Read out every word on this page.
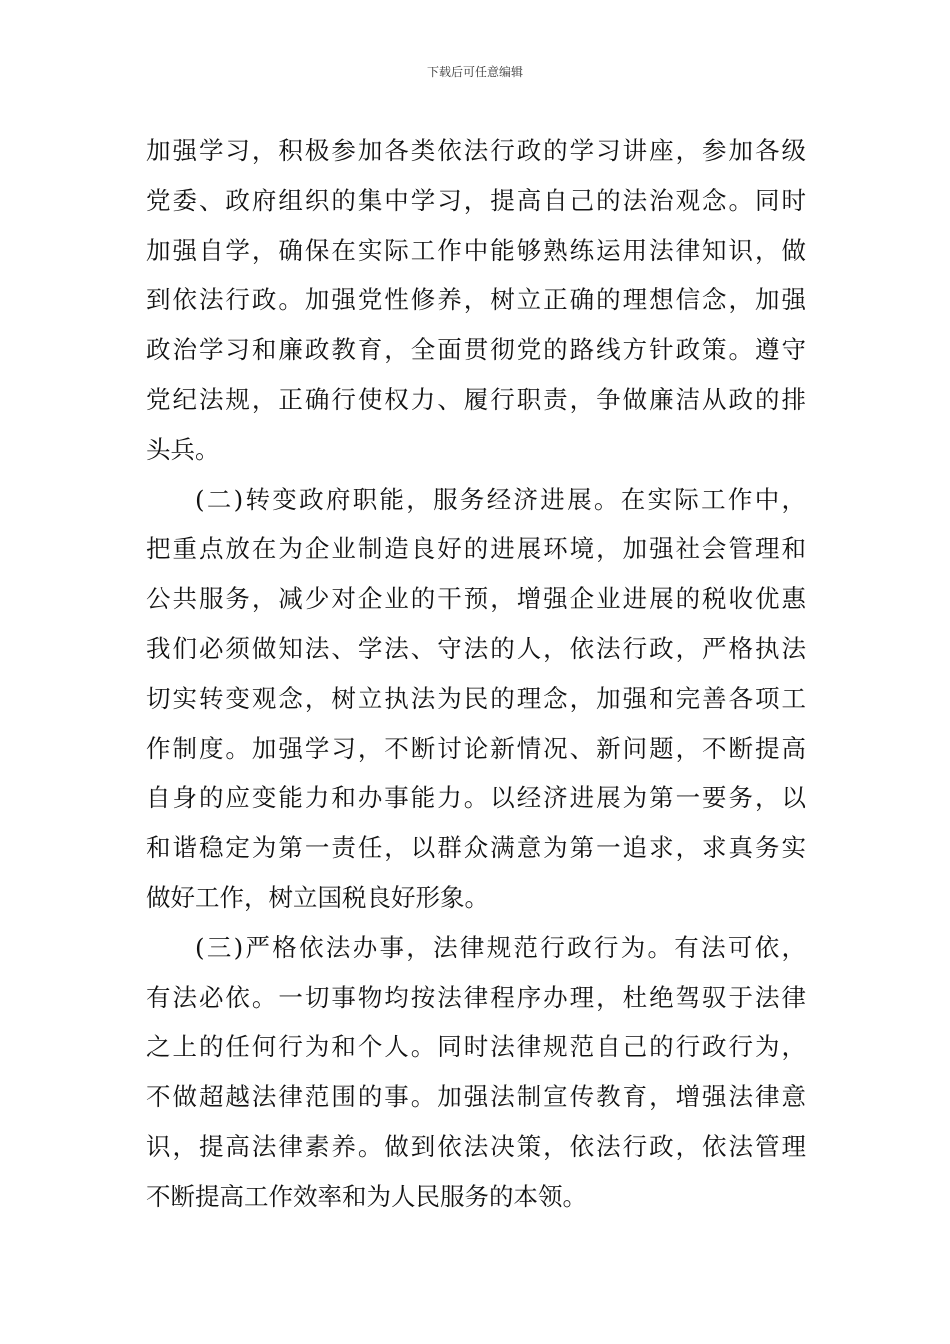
下载后可任意编辑
加强学习，积极参加各类依法行政的学习讲座，参加各级
党委、政府组织的集中学习，提高自己的法治观念。同时
加强自学，确保在实际工作中能够熟练运用法律知识，做
到依法行政。加强党性修养，树立正确的理想信念，加强
政治学习和廉政教育，全面贯彻党的路线方针政策。遵守
党纪法规，正确行使权力、履行职责，争做廉洁从政的排
头兵。
(二)转变政府职能，服务经济进展。在实际工作中，
把重点放在为企业制造良好的进展环境，加强社会管理和
公共服务，减少对企业的干预，增强企业进展的税收优惠
我们必须做知法、学法、守法的人，依法行政，严格执法
切实转变观念，树立执法为民的理念，加强和完善各项工
作制度。加强学习，不断讨论新情况、新问题，不断提高
自身的应变能力和办事能力。以经济进展为第一要务，以
和谐稳定为第一责任，以群众满意为第一追求，求真务实
做好工作，树立国税良好形象。
(三)严格依法办事，法律规范行政行为。有法可依，
有法必依。一切事物均按法律程序办理，杜绝驾驭于法律
之上的任何行为和个人。同时法律规范自己的行政行为，
不做超越法律范围的事。加强法制宣传教育，增强法律意
识，提高法律素养。做到依法决策，依法行政，依法管理
不断提高工作效率和为人民服务的本领。
